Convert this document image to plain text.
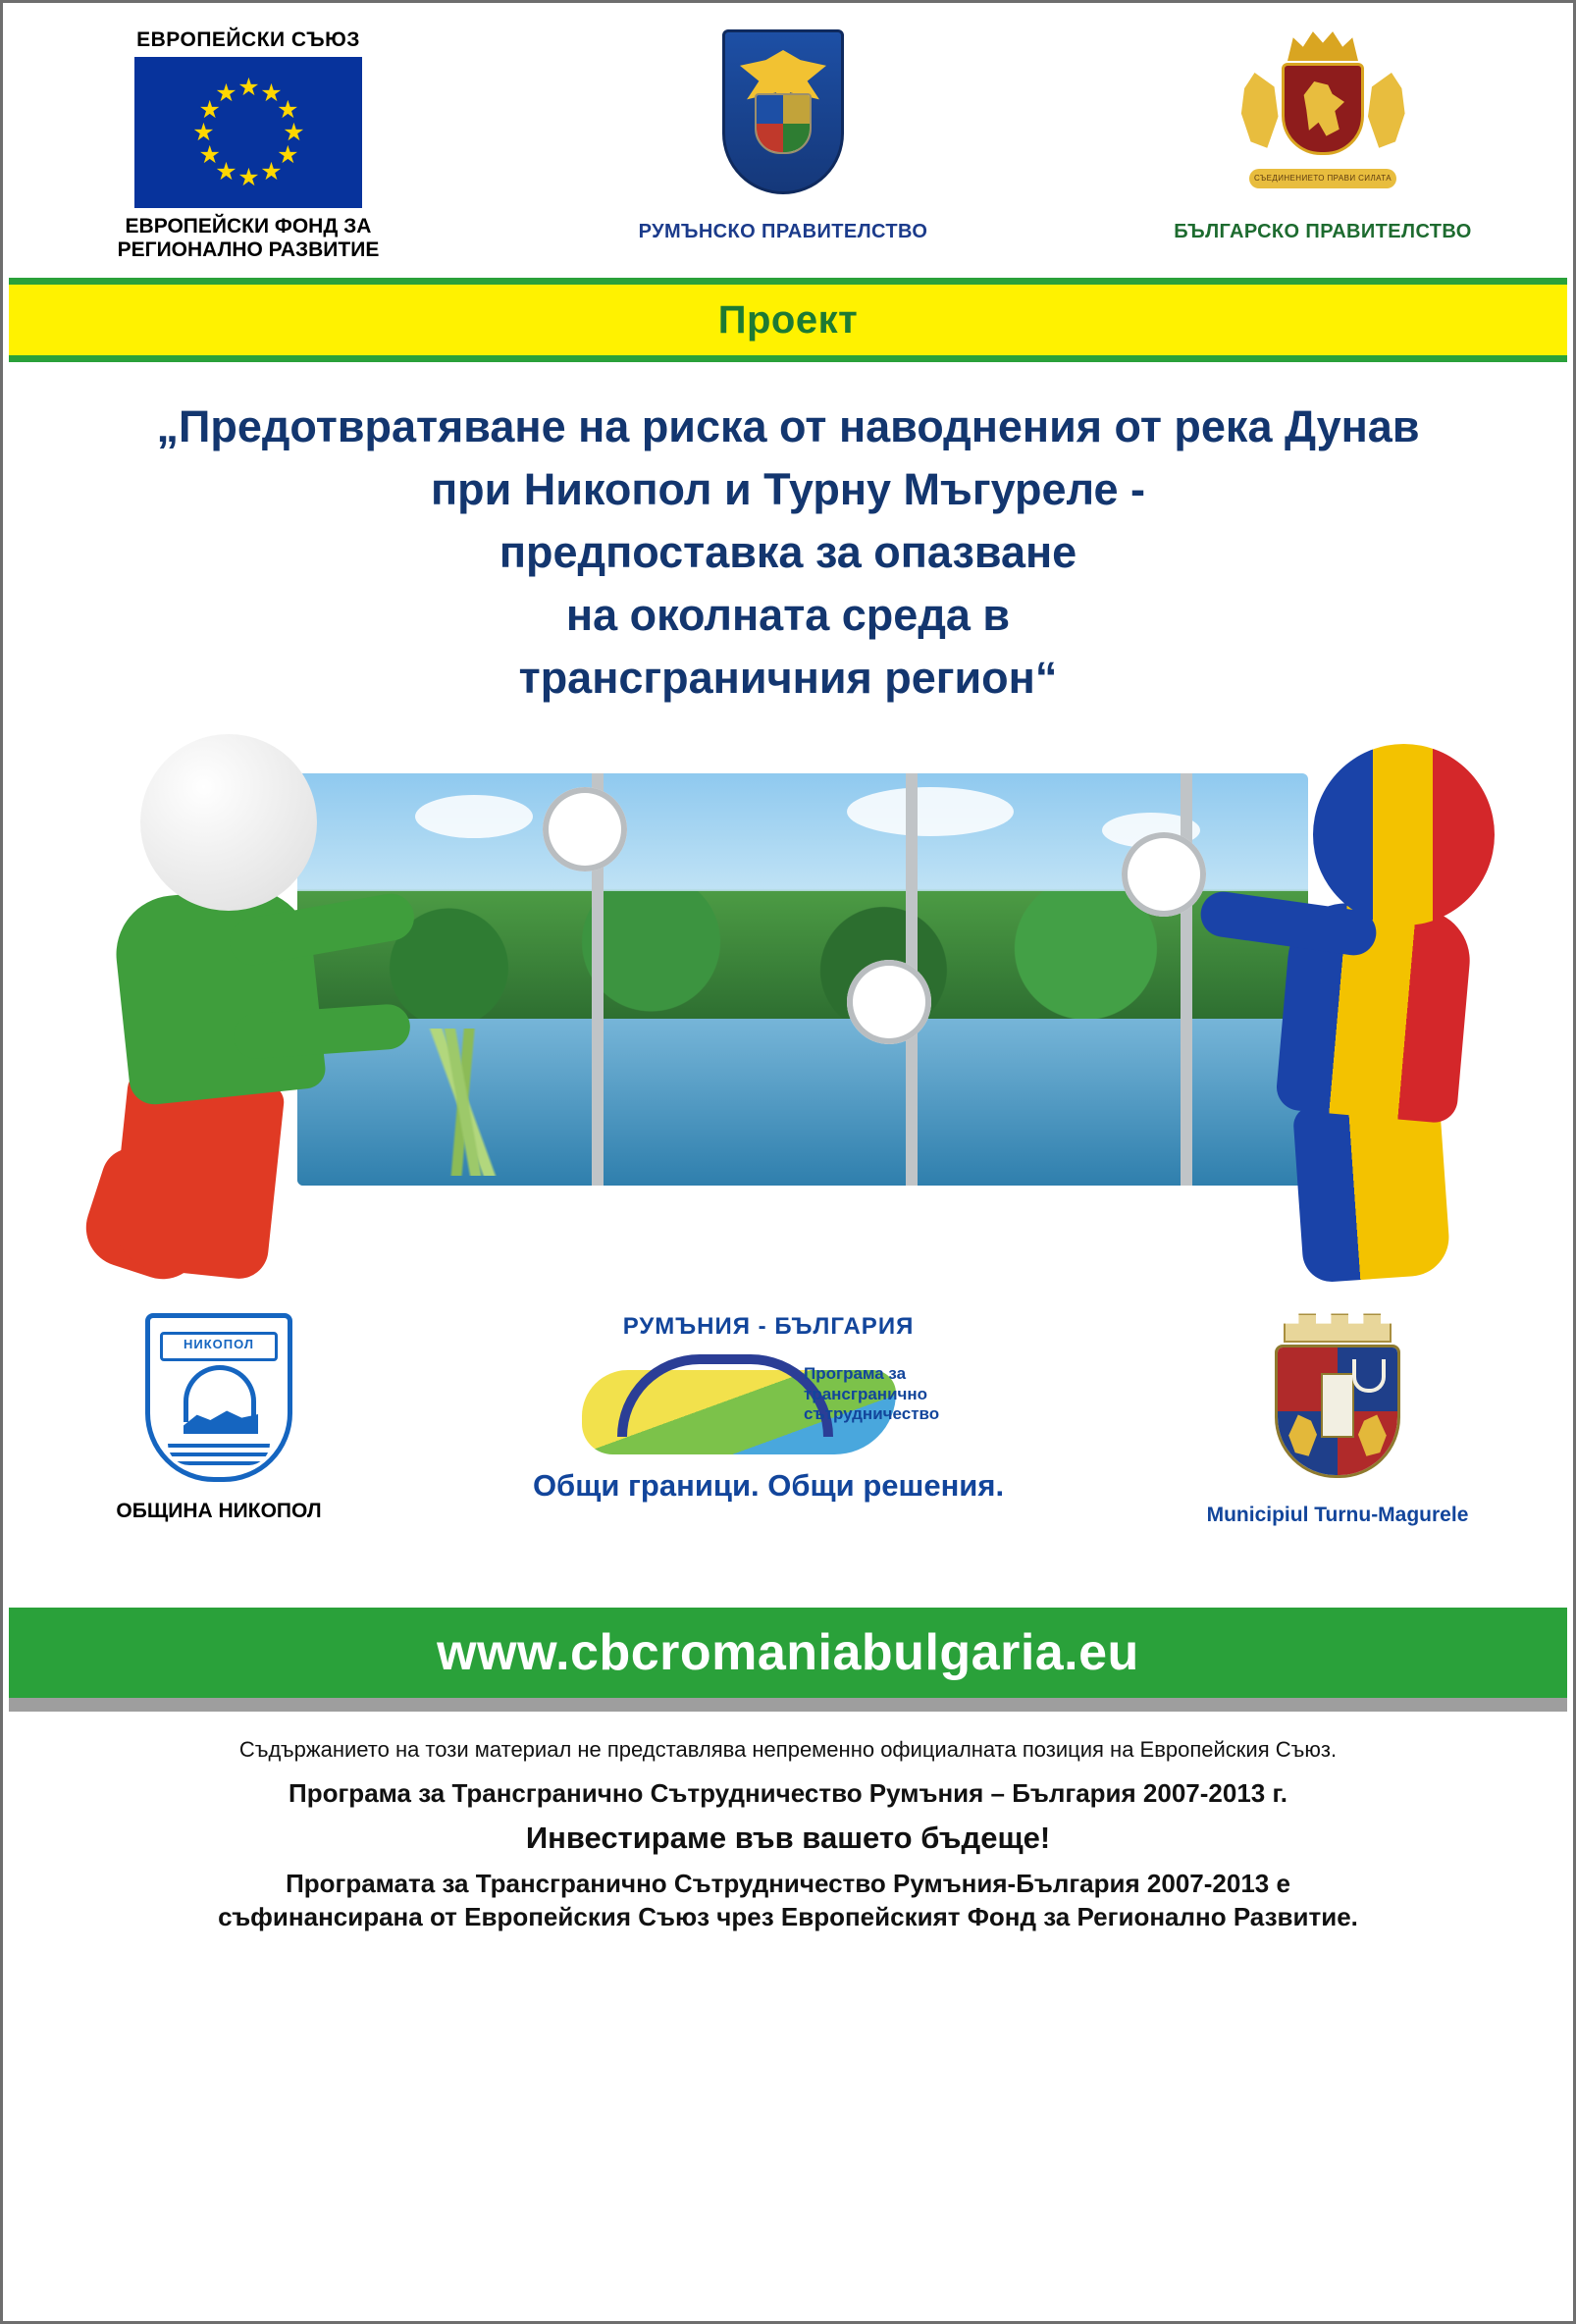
ЕВРОПЕЙСКИ СЪЮЗ
★ ★
★
★
★
★
★
★
★
★
★
★
ЕВРОПЕЙСКИ ФОНД ЗА
РЕГИОНАЛНО РАЗВИТИЕ
РУМЪНСКО ПРАВИТЕЛСТВО
СЪЕДИНЕНИЕТО ПРАВИ СИЛАТА
БЪЛГАРСКО ПРАВИТЕЛСТВО
Проект
„Предотвратяване на риска от наводнения от река Дунав
при Никопол и Турну Мъгуреле -
предпоставка за опазване
на околната среда в
трансграничния регион“
НИКОПОЛ
ОБЩИНА НИКОПОЛ
РУМЪНИЯ - БЪЛГАРИЯ
Програма за
трансгранично
сътрудничество
Общи граници. Общи решения.
Municipiul Turnu-Magurele
www.cbcromaniabulgaria.eu
Съдържанието на този материал не представлява непременно официалната позиция на Европейския Съюз.
Програма за Трансгранично Сътрудничество Румъния – България 2007-2013 г.
Инвестираме във вашето бъдеще!
Програмата за Трансгранично Сътрудничество Румъния-България 2007-2013 е
съфинансирана от Европейския Съюз чрез Европейският Фонд за Регионално Развитие.
